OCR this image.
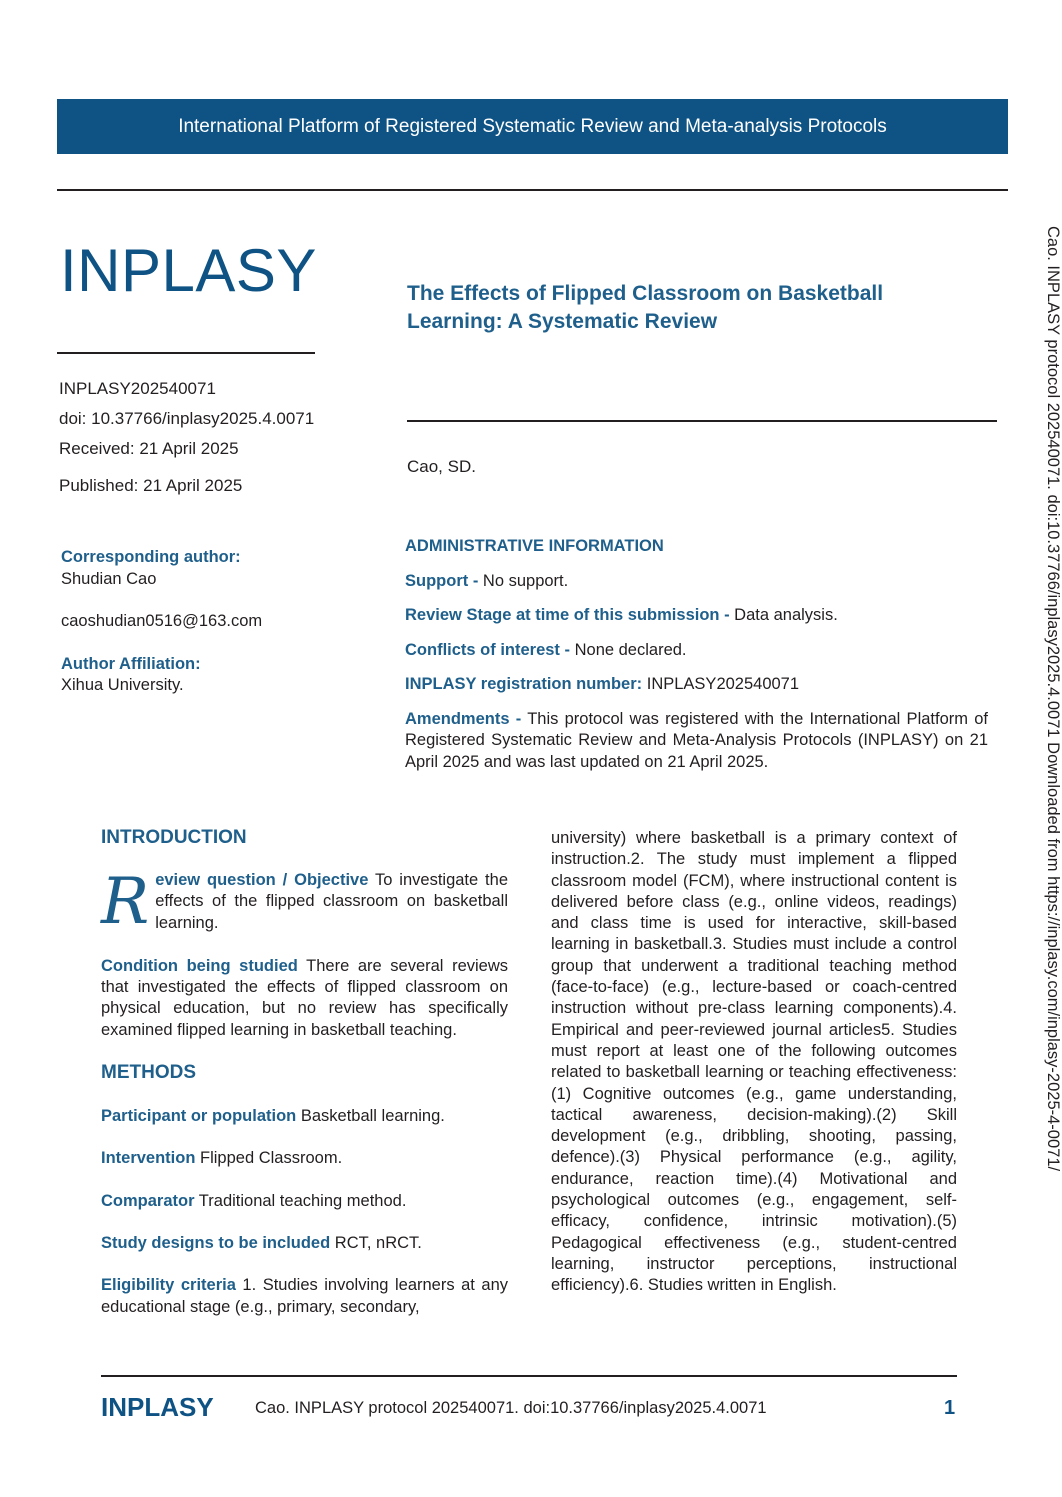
International Platform of Registered Systematic Review and Meta-analysis Protocols
INPLASY	The Effects of Flipped Classroom on Basketball Learning: A Systematic Review
INPLASY202540071
doi: 10.37766/inplasy2025.4.0071
Received: 21 April 2025
Published: 21 April 2025
Cao, SD.
Corresponding author:
Shudian Cao
caoshudian0516@163.com
Author Affiliation:
Xihua University.
ADMINISTRATIVE INFORMATION
Support - No support.
Review Stage at time of this submission - Data analysis.
Conflicts of interest - None declared.
INPLASY registration number: INPLASY202540071
Amendments - This protocol was registered with the International Platform of Registered Systematic Review and Meta-Analysis Protocols (INPLASY) on 21 April 2025 and was last updated on 21 April 2025.
INTRODUCTION
R eview question / Objective To investigate the effects of the flipped classroom on basketball learning.
Condition being studied There are several reviews that investigated the effects of flipped classroom on physical education, but no review has specifically examined flipped learning in basketball teaching.
METHODS
Participant or population Basketball learning.
Intervention Flipped Classroom.
Comparator Traditional teaching method.
Study designs to be included RCT, nRCT.
Eligibility criteria 1. Studies involving learners at any educational stage (e.g., primary, secondary,
university) where basketball is a primary context of instruction.2. The study must implement a flipped classroom model (FCM), where instructional content is delivered before class (e.g., online videos, readings) and class time is used for interactive, skill-based learning in basketball.3. Studies must include a control group that underwent a traditional teaching method (face-to-face) (e.g., lecture-based or coach-centred instruction without pre-class learning components).4. Empirical and peer-reviewed journal articles5. Studies must report at least one of the following outcomes related to basketball learning or teaching effectiveness:(1) Cognitive outcomes (e.g., game understanding, tactical awareness, decision-making).(2) Skill development (e.g., dribbling, shooting, passing, defence).(3) Physical performance (e.g., agility, endurance, reaction time).(4) Motivational and psychological outcomes (e.g., engagement, self-efficacy, confidence, intrinsic motivation).(5) Pedagogical effectiveness (e.g., student-centred learning, instructor perceptions, instructional efficiency).6. Studies written in English.
Cao. INPLASY protocol 202540071. doi:10.37766/inplasy2025.4.0071 Downloaded from https://inplasy.com/inplasy-2025-4-0071/
INPLASY	Cao. INPLASY protocol 202540071. doi:10.37766/inplasy2025.4.0071	1
